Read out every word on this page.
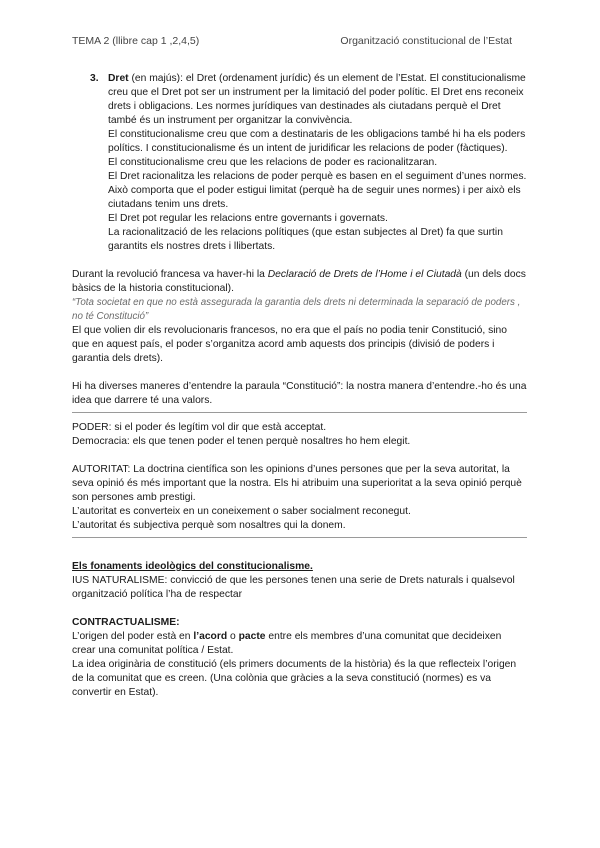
TEMA 2 (llibre cap 1 ,2,4,5)	Organització constitucional de l’Estat
3. Dret (en majús): el Dret (ordenament jurídic) és un element de l’Estat. El constitucionalisme creu que el Dret pot ser un instrument per la limitació del poder polític. El Dret ens reconeix drets i obligacions. Les normes jurídiques van destinades als ciutadans perquè el Dret també és un instrument per organitzar la convivència.

El constitucionalisme creu que com a destinataris de les obligacions també hi ha els poders polítics. I constitucionalisme és un intent de juridificar les relacions de poder (fàctiques).

El constitucionalisme creu que les relacions de poder es racionalitzaran.

El Dret racionalitza les relacions de poder perquè es basen en el seguiment d’unes normes. Això comporta que el poder estigui limitat (perquè ha de seguir unes normes) i per això els ciutadans tenim uns drets.

El Dret pot regular les relacions entre governants i governats.

La racionalització de les relacions polítiques (que estan subjectes al Dret) fa que surtin garantits els nostres drets i llibertats.

Durant la revolució francesa va haver-hi la Declaració de Drets de l’Home i el Ciutadà (un dels docs bàsics de la historia constitucional).

“Tota societat en que no està assegurada la garantia dels drets ni determinada la separació de poders , no té Constitució”

El que volien dir els revolucionaris francesos, no era que el país no podia tenir Constitució, sino que en aquest país, el poder s’organitza acord amb aquests dos principis (divisió de poders i garantia dels drets).

Hi ha diverses maneres d’entendre la paraula “Constitució”: la nostra manera d’entendre.-ho és una idea que darrere té una valors.

PODER: si el poder és legítim vol dir que està acceptat.

Democracia: els que tenen poder el tenen perquè nosaltres ho hem elegit.

AUTORITAT: La doctrina científica son les opinions d’unes persones que per la seva autoritat, la seva opinió és més important que la nostra. Els hi atribuim una superioritat a la seva opinió perquè son persones amb prestigi.

L’autoritat es converteix en un coneixement o saber socialment reconegut.

L’autoritat és subjectiva perquè som nosaltres qui la donem.

Els fonaments ideològics del constitucionalisme.

IUS NATURALISME: convicció de que les persones tenen una serie de Drets naturals i qualsevol organització política l’ha de respectar

CONTRACTUALISME:

L’origen del poder està en l’acord o pacte entre els membres d’una comunitat que decideixen crear una comunitat política / Estat.

La idea originària de constitució (els primers documents de la història) és la que reflecteix l’origen de la comunitat que es creen. (Una colònia que gràcies a la seva constitució (normes) es va convertir en Estat).
